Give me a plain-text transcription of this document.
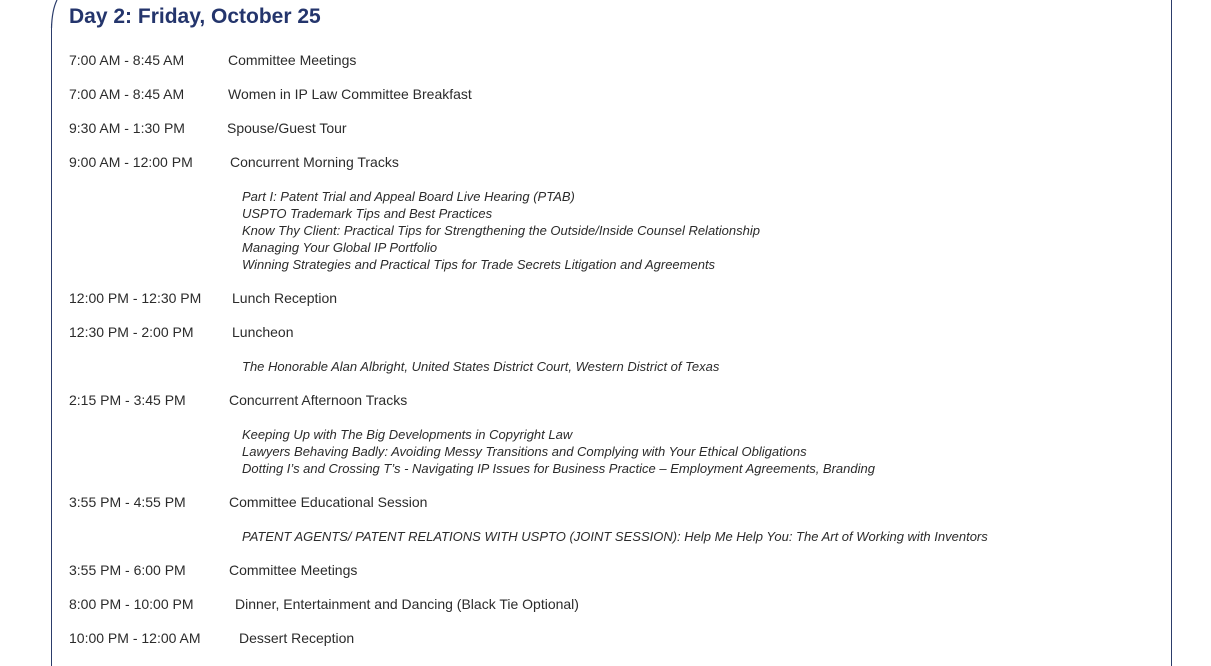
Day 2: Friday, October 25
7:00 AM - 8:45 AM	Committee Meetings
7:00 AM - 8:45 AM	Women in IP Law Committee Breakfast
9:30 AM - 1:30 PM	Spouse/Guest Tour
9:00 AM - 12:00 PM	Concurrent Morning Tracks
Part I: Patent Trial and Appeal Board Live Hearing (PTAB)
USPTO Trademark Tips and Best Practices
Know Thy Client: Practical Tips for Strengthening the Outside/Inside Counsel Relationship
Managing Your Global IP Portfolio
Winning Strategies and Practical Tips for Trade Secrets Litigation and Agreements
12:00 PM - 12:30 PM Lunch Reception
12:30 PM - 2:00 PM	Luncheon
The Honorable Alan Albright, United States District Court, Western District of Texas
2:15 PM - 3:45 PM	Concurrent Afternoon Tracks
Keeping Up with The Big Developments in Copyright Law
Lawyers Behaving Badly: Avoiding Messy Transitions and Complying with Your Ethical Obligations
Dotting I’s and Crossing T’s - Navigating IP Issues for Business Practice – Employment Agreements, Branding
3:55 PM - 4:55 PM	Committee Educational Session
PATENT AGENTS/ PATENT RELATIONS WITH USPTO (JOINT SESSION): Help Me Help You: The Art of Working with Inventors
3:55 PM - 6:00 PM	Committee Meetings
8:00 PM - 10:00 PM	Dinner, Entertainment and Dancing (Black Tie Optional)
10:00 PM - 12:00 AM	Dessert Reception
